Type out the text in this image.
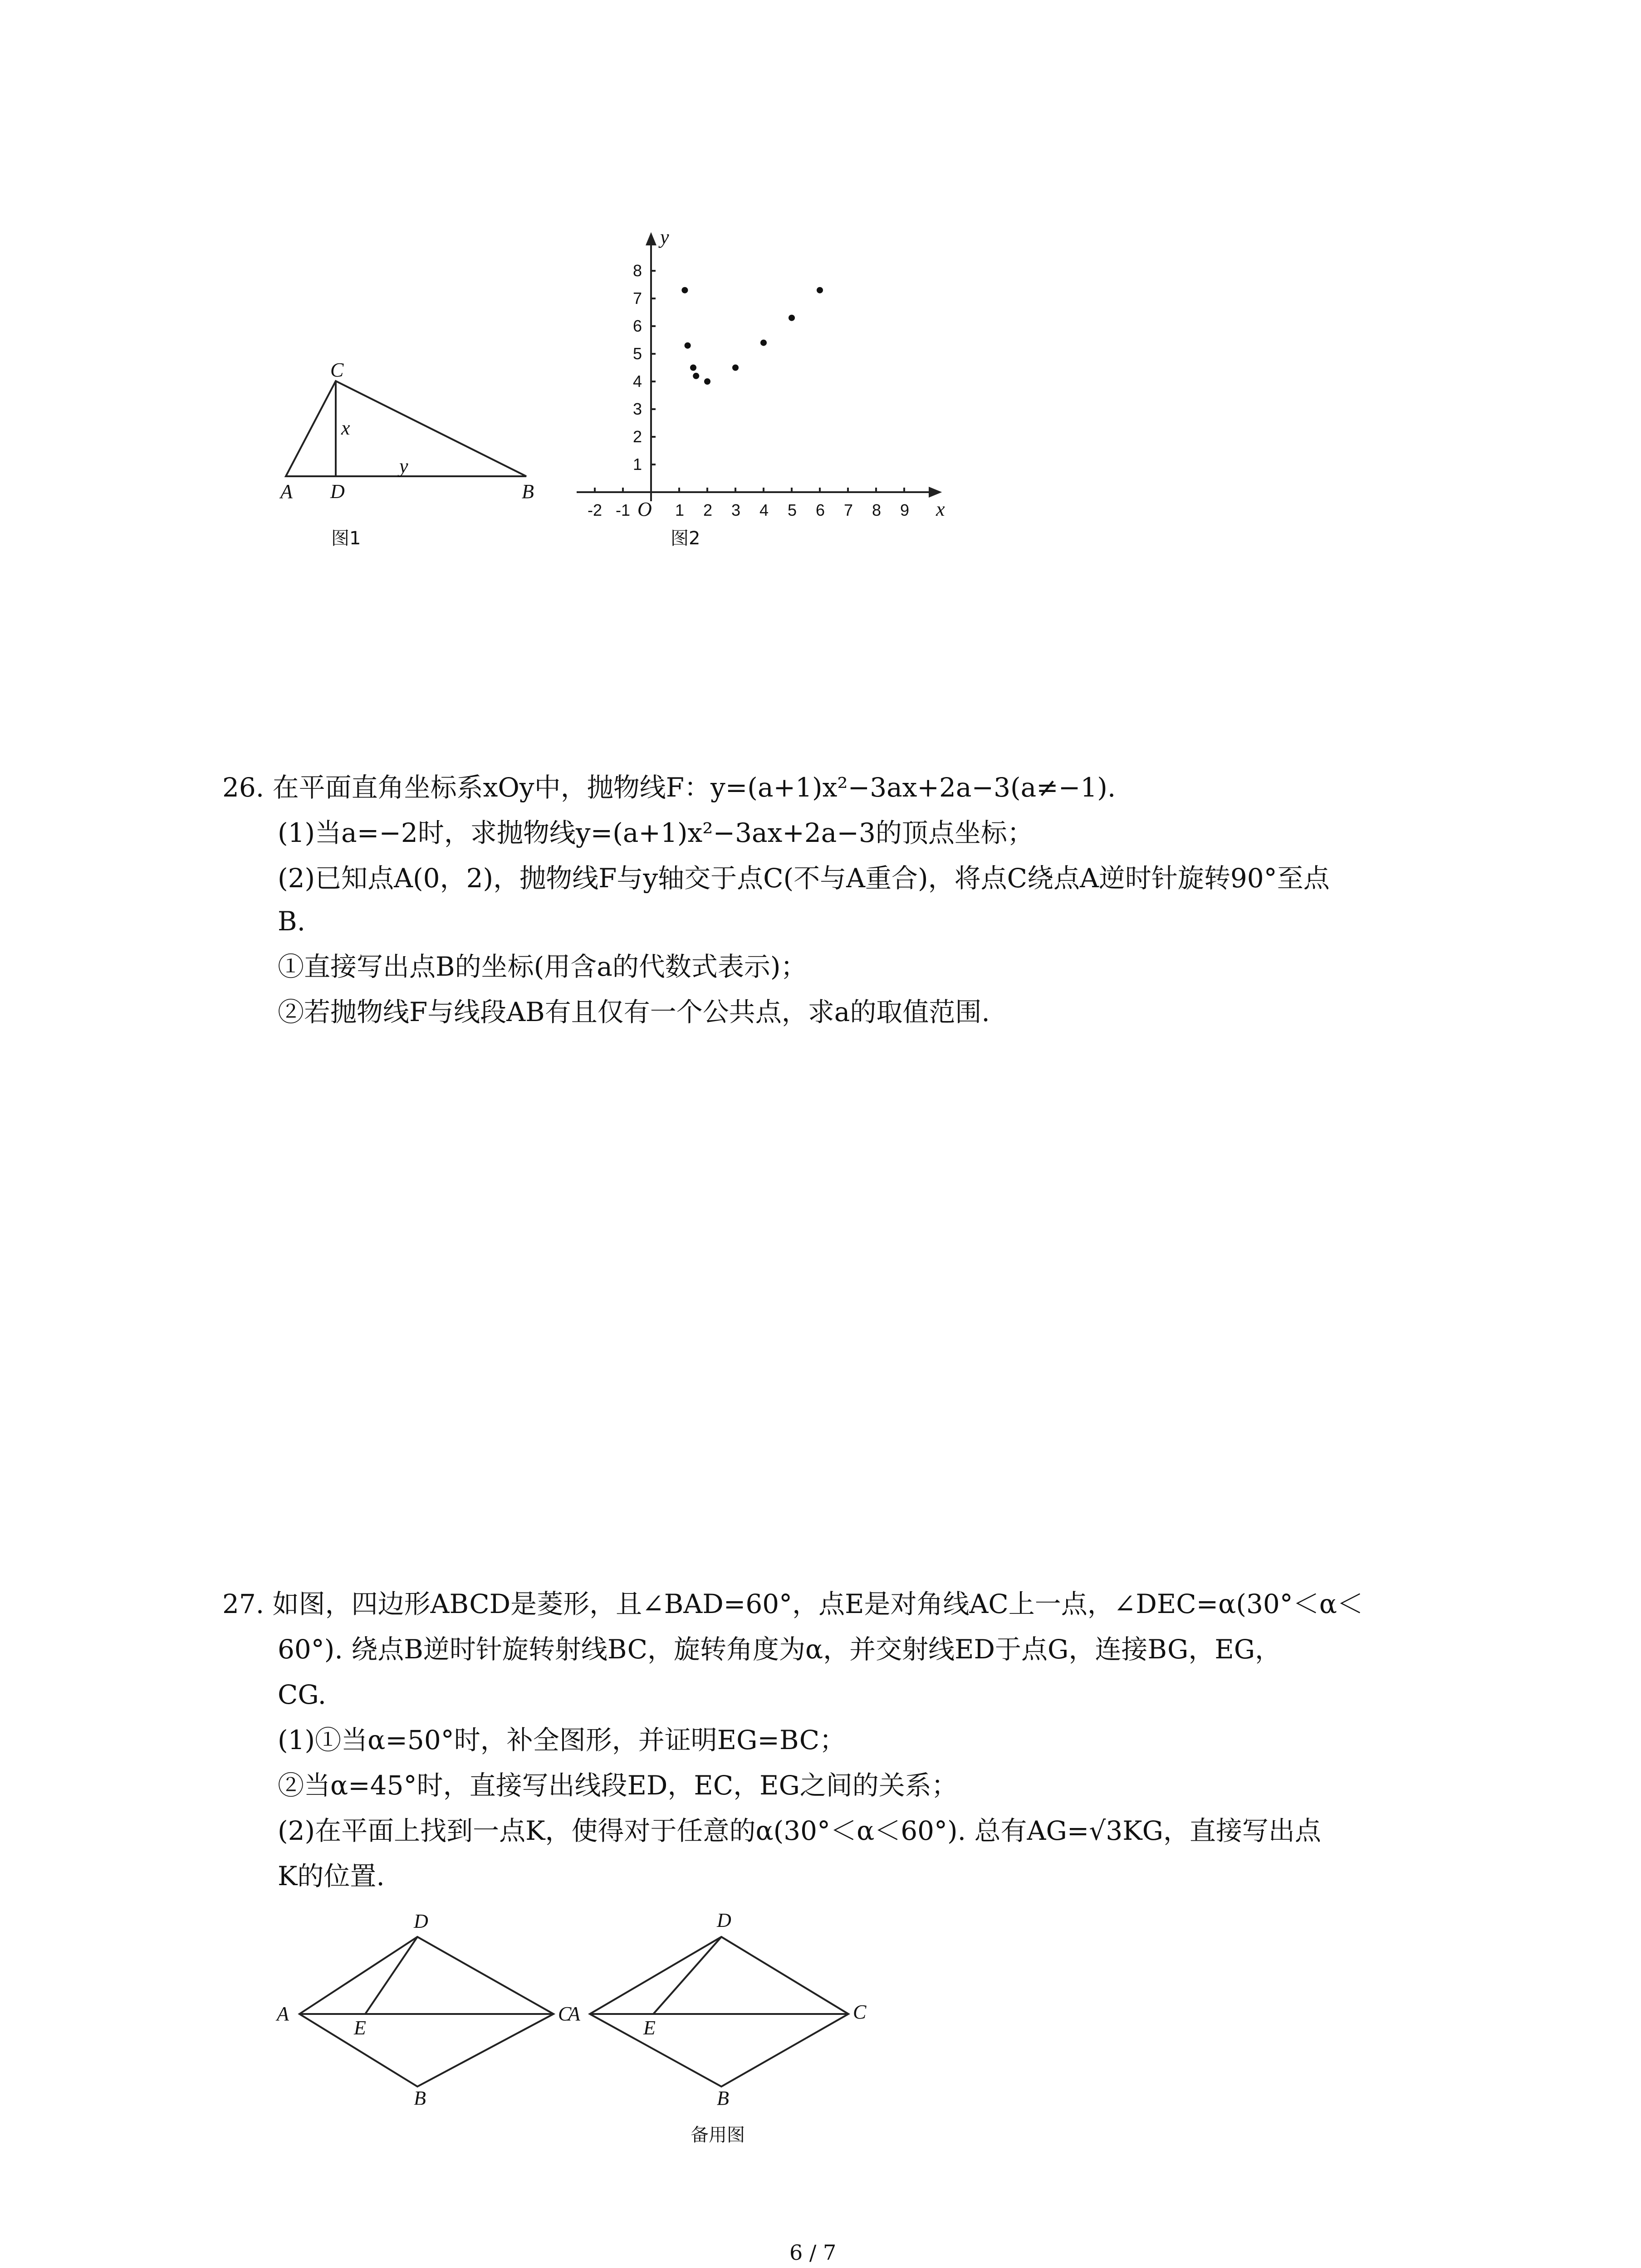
C
A D	B
x
y
图1
x
y
O
-2 -1	1 2 3 4 5 6 7 8 9
1
2
3
4
5
6
7
8
图2
26. 在平面直角坐标系xOy中，抛物线F：y=(a+1)x²−3ax+2a−3(a≠−1).
(1)当a=−2时，求抛物线y=(a+1)x²−3ax+2a−3的顶点坐标；
(2)已知点A(0，2)，抛物线F与y轴交于点C(不与A重合)，将点C绕点A逆时针旋转90°至点
B.
①直接写出点B的坐标(用含a的代数式表示)；
②若抛物线F与线段AB有且仅有一个公共点，求a的取值范围.
27. 如图，四边形ABCD是菱形，且∠BAD=60°，点E是对角线AC上一点，∠DEC=α(30°＜α＜
60°). 绕点B逆时针旋转射线BC，旋转角度为α，并交射线ED于点G，连接BG，EG，
CG.
(1)①当α=50°时，补全图形，并证明EG=BC；
②当α=45°时，直接写出线段ED，EC，EG之间的关系；
(2)在平面上找到一点K，使得对于任意的α(30°＜α＜60°). 总有AG=√3KG，直接写出点
K的位置.
D
A	C
E
B
D
A	C
E
B
备用图
6 / 7
